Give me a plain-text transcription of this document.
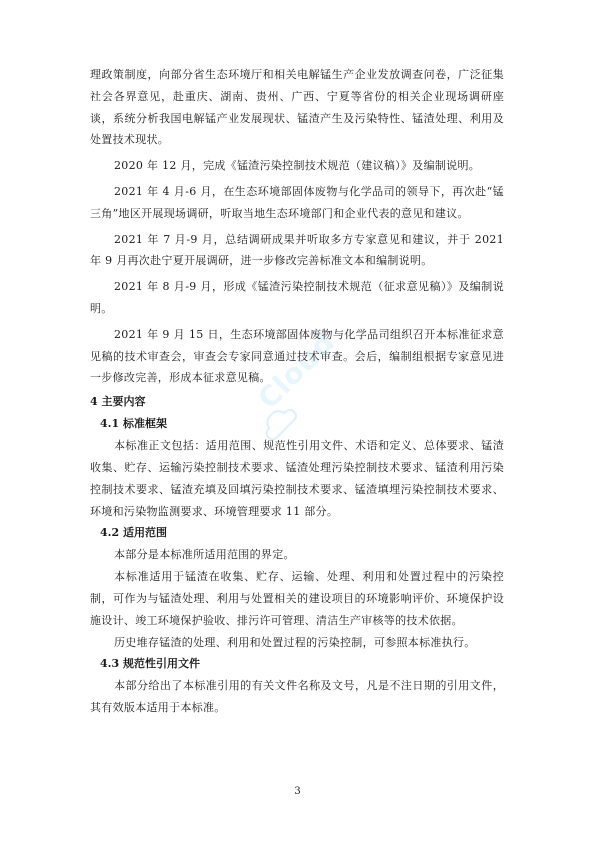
理政策制度，向部分省生态环境厅和相关电解锰生产企业发放调查问卷，广泛征集社会各界意见，赴重庆、湖南、贵州、广西、宁夏等省份的相关企业现场调研座谈，系统分析我国电解锰产业发展现状、锰渣产生及污染特性、锰渣处理、利用及处置技术现状。

2020 年 12 月，完成《锰渣污染控制技术规范（建议稿）》及编制说明。

2021 年 4 月-6 月，在生态环境部固体废物与化学品司的领导下，再次赴“锰三角”地区开展现场调研，听取当地生态环境部门和企业代表的意见和建议。

2021 年 7 月-9 月，总结调研成果并听取多方专家意见和建议，并于 2021 年 9 月再次赴宁夏开展调研，进一步修改完善标准文本和编制说明。

2021 年 8 月-9 月，形成《锰渣污染控制技术规范（征求意见稿）》及编制说明。

2021 年 9 月 15 日，生态环境部固体废物与化学品司组织召开本标准征求意见稿的技术审查会，审查会专家同意通过技术审查。会后，编制组根据专家意见进一步修改完善，形成本征求意见稿。

4 主要内容
4.1 标准框架

本标准正文包括：适用范围、规范性引用文件、术语和定义、总体要求、锰渣收集、贮存、运输污染控制技术要求、锰渣处理污染控制技术要求、锰渣利用污染控制技术要求、锰渣充填及回填污染控制技术要求、锰渣填埋污染控制技术要求、环境和污染物监测要求、环境管理要求 11 部分。

4.2 适用范围

本部分是本标准所适用范围的界定。

本标准适用于锰渣在收集、贮存、运输、处理、利用和处置过程中的污染控制，可作为与锰渣处理、利用与处置相关的建设项目的环境影响评价、环境保护设施设计、竣工环境保护验收、排污许可管理、清洁生产审核等的技术依据。

历史堆存锰渣的处理、利用和处置过程的污染控制，可参照本标准执行。

4.3 规范性引用文件

本部分给出了本标准引用的有关文件名称及文号，凡是不注日期的引用文件，其有效版本适用于本标准。

Cloud
3
